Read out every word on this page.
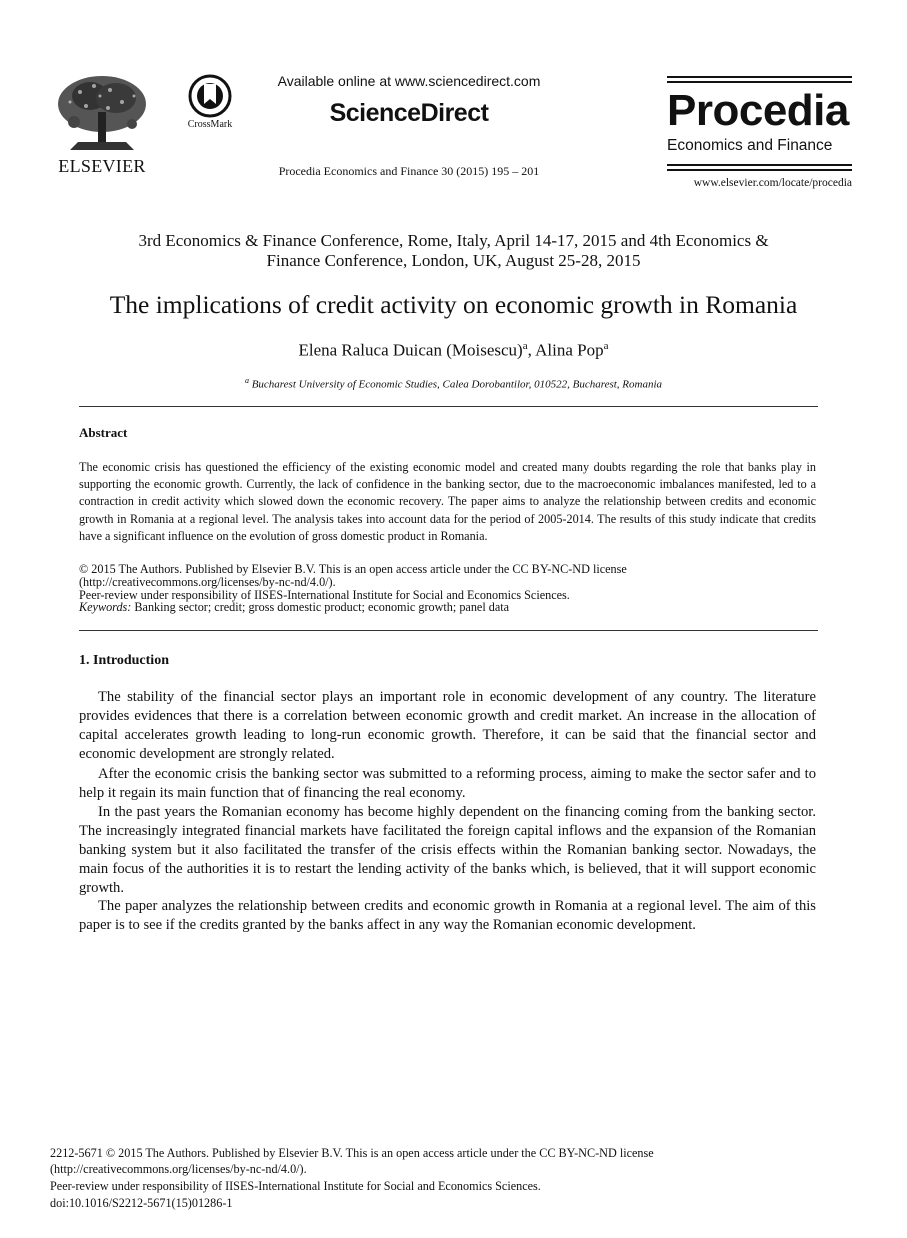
ELSEVIER
CrossMark
Available online at www.sciencedirect.com
ScienceDirect
Procedia Economics and Finance 30 (2015) 195 – 201
Procedia
Economics and Finance
www.elsevier.com/locate/procedia
3rd Economics & Finance Conference, Rome, Italy, April 14-17, 2015 and 4th Economics &
Finance Conference, London, UK, August 25-28, 2015
The implications of credit activity on economic growth in Romania
Elena Raluca Duican (Moisescu)$^a$, Alina Pop$^a$
$^a$ Bucharest University of Economic Studies, Calea Dorobantilor, 010522, Bucharest, Romania
Abstract
The economic crisis has questioned the efficiency of the existing economic model and created many doubts regarding the role that banks play in supporting the economic growth. Currently, the lack of confidence in the banking sector, due to the macroeconomic imbalances manifested, led to a contraction in credit activity which slowed down the economic recovery. The paper aims to analyze the relationship between credits and economic growth in Romania at a regional level. The analysis takes into account data for the period of 2005-2014. The results of this study indicate that credits have a significant influence on the evolution of gross domestic product in Romania.
© 2015 The Authors. Published by Elsevier B.V. This is an open access article under the CC BY-NC-ND license
(http://creativecommons.org/licenses/by-nc-nd/4.0/).
Peer-review under responsibility of IISES-International Institute for Social and Economics Sciences.
Keywords: Banking sector; credit; gross domestic product; economic growth; panel data
1. Introduction
The stability of the financial sector plays an important role in economic development of any country. The literature provides evidences that there is a correlation between economic growth and credit market. An increase in the allocation of capital accelerates growth leading to long-run economic growth. Therefore, it can be said that the financial sector and economic development are strongly related.
After the economic crisis the banking sector was submitted to a reforming process, aiming to make the sector safer and to help it regain its main function that of financing the real economy.
In the past years the Romanian economy has become highly dependent on the financing coming from the banking sector. The increasingly integrated financial markets have facilitated the foreign capital inflows and the expansion of the Romanian banking system but it also facilitated the transfer of the crisis effects within the Romanian banking sector. Nowadays, the main focus of the authorities it is to restart the lending activity of the banks which, is believed, that it will support economic growth.
The paper analyzes the relationship between credits and economic growth in Romania at a regional level. The aim of this paper is to see if the credits granted by the banks affect in any way the Romanian economic development.
2212-5671 © 2015 The Authors. Published by Elsevier B.V. This is an open access article under the CC BY-NC-ND license
(http://creativecommons.org/licenses/by-nc-nd/4.0/).
Peer-review under responsibility of IISES-International Institute for Social and Economics Sciences.
doi:10.1016/S2212-5671(15)01286-1
